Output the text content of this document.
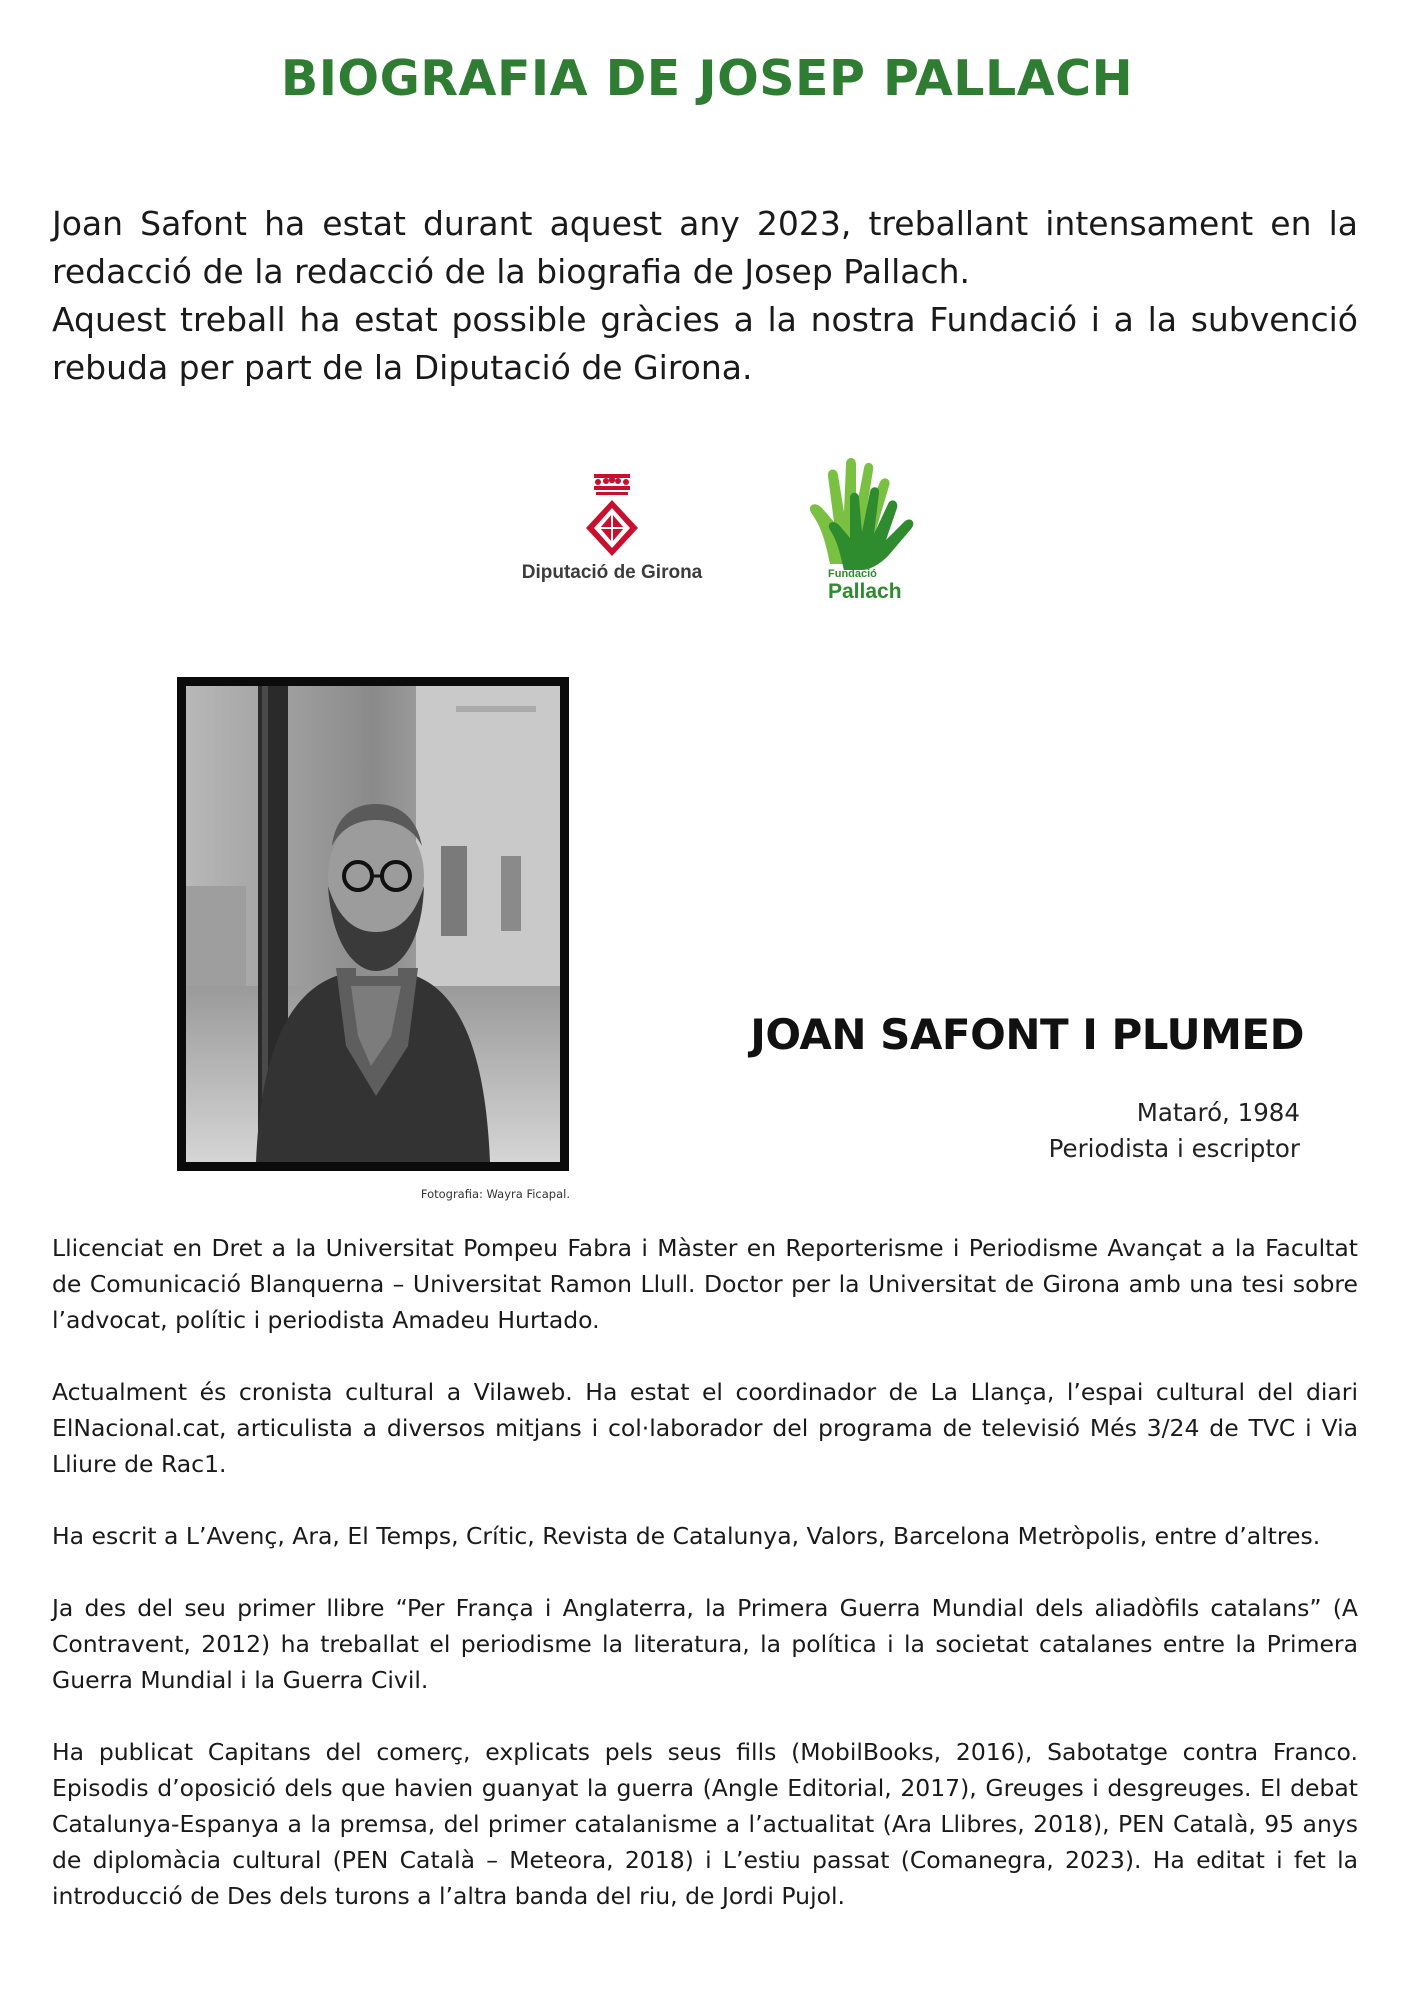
BIOGRAFIA DE JOSEP PALLACH

Joan Safont ha estat durant aquest any 2023, treballant intensament en la redacció de la redacció de la biografia de Josep Pallach.

Aquest treball ha estat possible gràcies a la nostra Fundació i a la subvenció rebuda per part de la Diputació de Girona.

Diputació de Girona	Fundació
Pallach
Fotografia: Wayra Ficapal.
JOAN SAFONT I PLUMED
Mataró, 1984
Periodista i escriptor

Llicenciat en Dret a la Universitat Pompeu Fabra i Màster en Reporterisme i Periodisme Avançat a la Facultat de Comunicació Blanquerna – Universitat Ramon Llull. Doctor per la Universitat de Girona amb una tesi sobre l’advocat, polític i periodista Amadeu Hurtado.

Actualment és cronista cultural a Vilaweb. Ha estat el coordinador de La Llança, l’espai cultural del diari ElNacional.cat, articulista a diversos mitjans i col·laborador del programa de televisió Més 3/24 de TVC i Via Lliure de Rac1.

Ha escrit a L’Avenç, Ara, El Temps, Crític, Revista de Catalunya, Valors, Barcelona Metròpolis, entre d’altres.

Ja des del seu primer llibre “Per França i Anglaterra, la Primera Guerra Mundial dels aliadòfils catalans” (A Contravent, 2012) ha treballat el periodisme la literatura, la política i la societat catalanes entre la Primera Guerra Mundial i la Guerra Civil.

Ha publicat Capitans del comerç, explicats pels seus fills (MobilBooks, 2016), Sabotatge contra Franco. Episodis d’oposició dels que havien guanyat la guerra (Angle Editorial, 2017), Greuges i desgreuges. El debat Catalunya-Espanya a la premsa, del primer catalanisme a l’actualitat (Ara Llibres, 2018), PEN Català, 95 anys de diplomàcia cultural (PEN Català – Meteora, 2018) i L’estiu passat (Comanegra, 2023). Ha editat i fet la introducció de Des dels turons a l’altra banda del riu, de Jordi Pujol.
